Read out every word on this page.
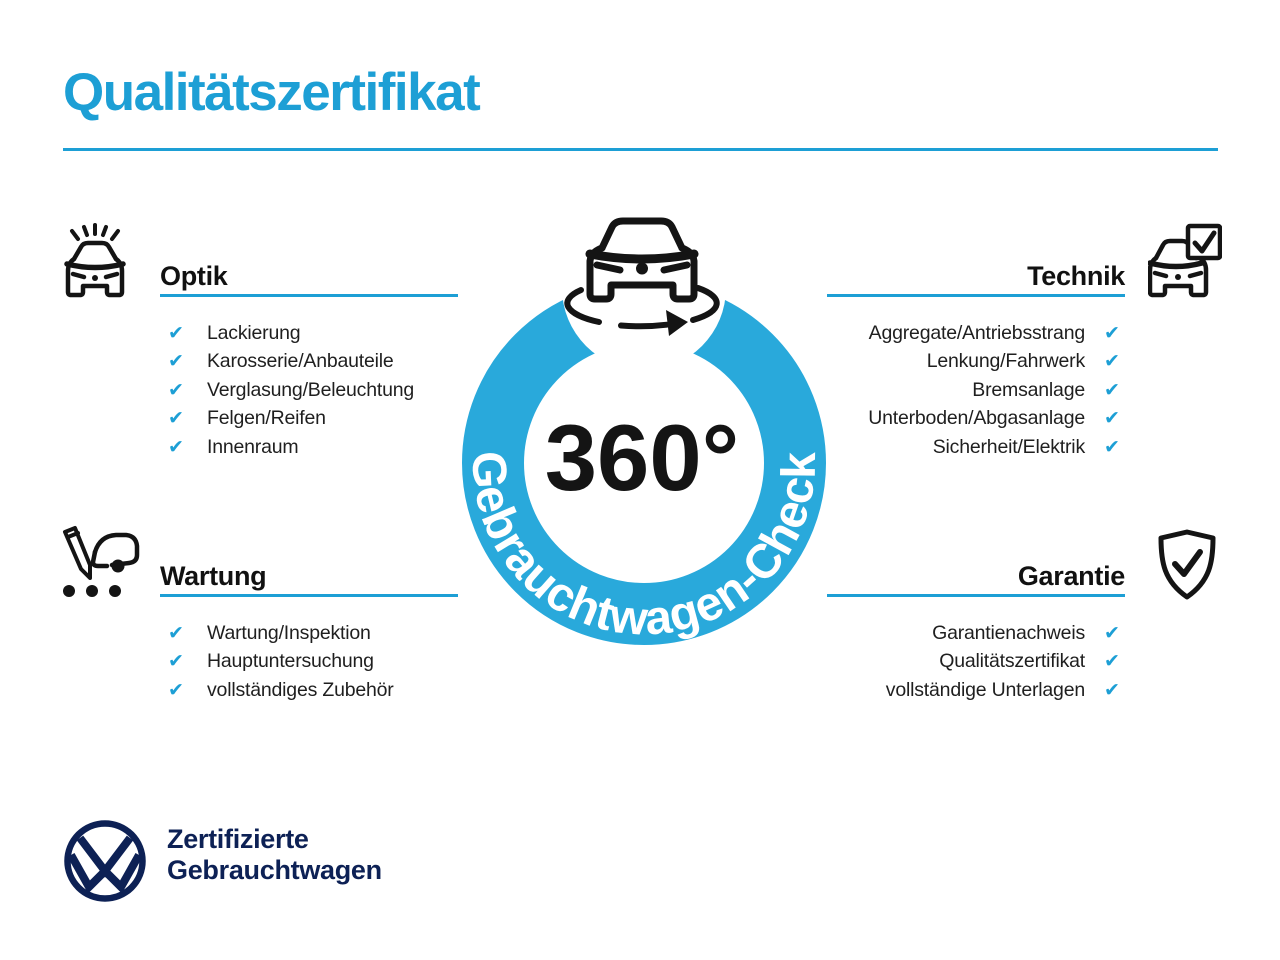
Qualitätszertifikat
Gebrauchtwagen-Check
360°
Optik
✔	Lackierung
✔	Karosserie/Anbauteile
✔	Verglasung/Beleuchtung
✔	Felgen/Reifen
✔	Innenraum
Technik
Aggregate/Antriebsstrang ✔
Lenkung/Fahrwerk ✔
Bremsanlage ✔
Unterboden/Abgasanlage ✔
Sicherheit/Elektrik ✔
Wartung
✔	Wartung/Inspektion
✔	Hauptuntersuchung
✔	vollständiges Zubehör
Garantie
Garantienachweis ✔
Qualitätszertifikat ✔
vollständige Unterlagen ✔
Zertifizierte
Gebrauchtwagen
